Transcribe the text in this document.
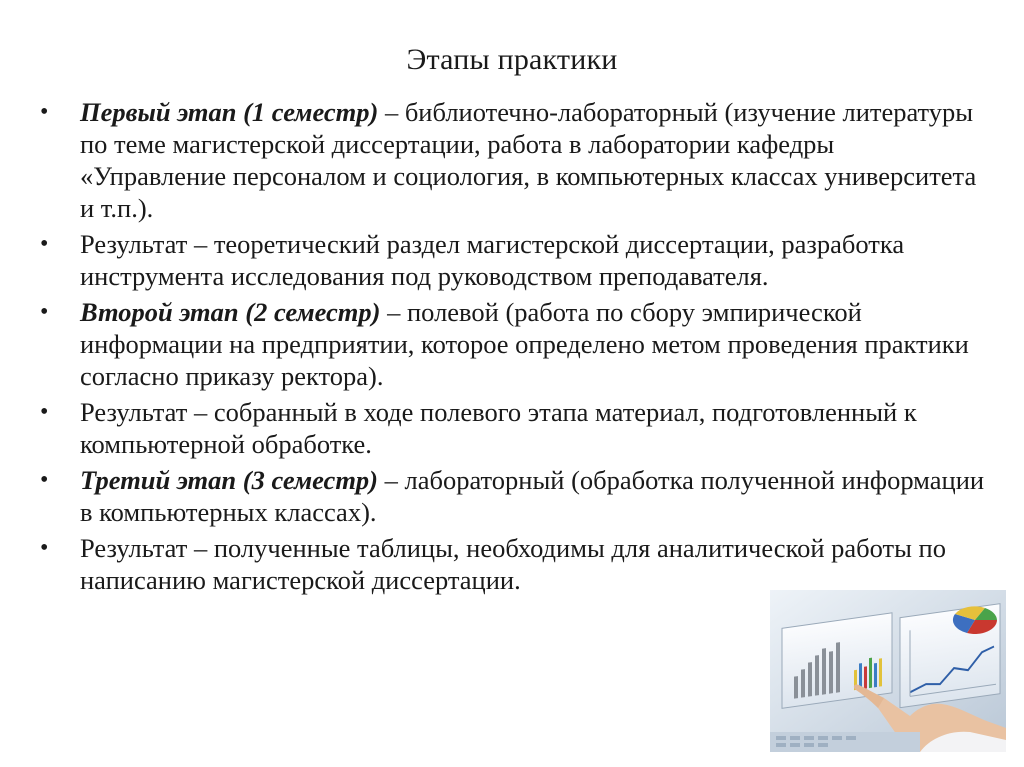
Этапы практики
• Первый этап (1 семестр) – библиотечно-лабораторный (изучение литературы по теме магистерской диссертации, работа в лаборатории кафедры «Управление персоналом и социология, в компьютерных классах университета и т.п.).
• Результат – теоретический раздел магистерской диссертации, разработка инструмента исследования под руководством преподавателя.
• Второй этап (2 семестр) – полевой (работа по сбору эмпирической информации на предприятии, которое определено метом проведения практики согласно приказу ректора).
• Результат – собранный в ходе полевого этапа материал, подготовленный к компьютерной обработке.
• Третий этап (3 семестр) – лабораторный (обработка полученной информации в компьютерных классах).
• Результат – полученные таблицы, необходимы для аналитической работы по написанию магистерской диссертации.
